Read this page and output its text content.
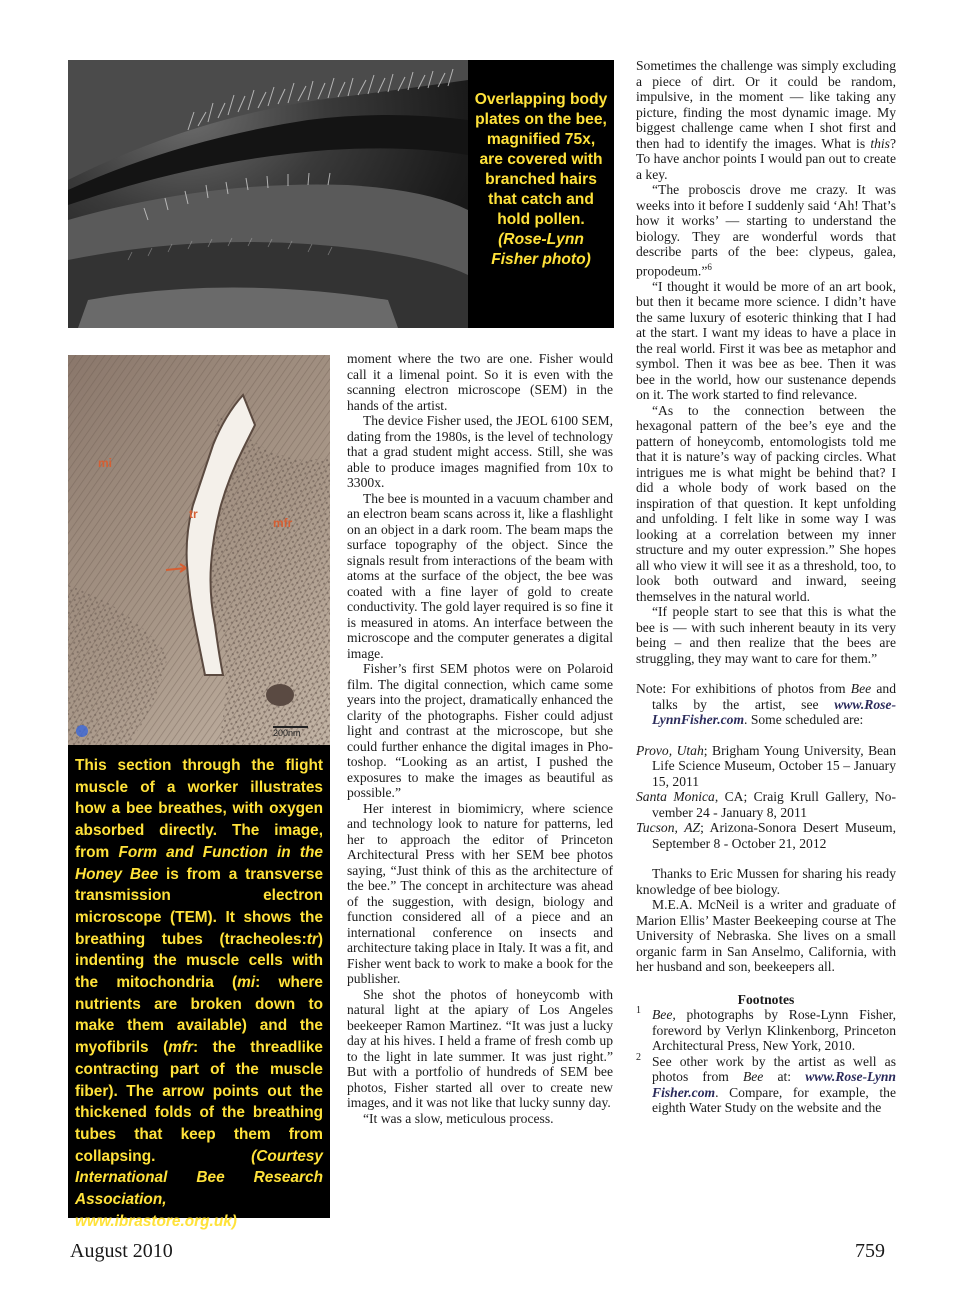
Overlapping body plates on the bee, magnified 75x, are covered with branched hairs that catch and hold pollen. (Rose-Lynn Fisher photo)

mi
tr
mfr
200nm

This section through the flight muscle of a worker illustrates how a bee breathes, with oxygen absorbed directly. The image, from Form and Function in the Honey Bee is from a transverse transmission electron microscope (TEM). It shows the breathing tubes (tracheoles:tr) indenting the muscle cells with the mitochondria (mi: where nutrients are broken down to make them available) and the myofibrils (mfr: the threadlike contracting part of the muscle fiber). The arrow points out the thickened folds of the breathing tubes that keep them from collapsing. (Courtesy International Bee Research Association, www.ibrastore.org.uk)

moment where the two are one. Fisher would call it a limenal point. So it is even with the scanning electron microscope (SEM) in the hands of the artist.

The device Fisher used, the JEOL 6100 SEM, dating from the 1980s, is the level of technology that a grad student might access. Still, she was able to produce images magnified from 10x to 3300x.

The bee is mounted in a vacuum chamber and an electron beam scans across it, like a flashlight on an object in a dark room. The beam maps the surface topography of the object. Since the signals result from interactions of the beam with atoms at the surface of the object, the bee was coated with a fine layer of gold to create conductivity. The gold layer required is so fine it is measured in atoms. An interface between the microscope and the computer generates a digital image.

Fisher’s first SEM photos were on Polaroid film. The digital connection, which came some years into the project, dramatically enhanced the clarity of the photographs. Fisher could adjust light and contrast at the microscope, but she could further enhance the digital images in Photoshop. “Looking as an artist, I pushed the exposures to make the images as beautiful as possible.”

Her interest in biomimicry, where science and technology look to nature for patterns, led her to approach the editor of Princeton Architectural Press with her SEM bee photos saying, “Just think of this as the architecture of the bee.” The concept in architecture was ahead of the suggestion, with design, biology and function considered all of a piece and an international conference on insects and architecture taking place in Italy. It was a fit, and Fisher went back to work to make a book for the publisher.

She shot the photos of honeycomb with natural light at the apiary of Los Angeles beekeeper Ramon Martinez. “It was just a lucky day at his hives. I held a frame of fresh comb up to the light in late summer. It was just right.” But with a portfolio of hundreds of SEM bee photos, Fisher started all over to create new images, and it was not like that lucky sunny day.

“It was a slow, meticulous process.

Sometimes the challenge was simply excluding a piece of dirt. Or it could be random, impulsive, in the moment — like taking any picture, finding the most dynamic image. My biggest challenge came when I shot first and then had to identify the images. What is this? To have anchor points I would pan out to create a key.

“The proboscis drove me crazy. It was weeks into it before I suddenly said ‘Ah! That’s how it works’ — starting to understand the biology. They are wonderful words that describe parts of the bee: clypeus, galea, propodeum.”$^6$

“I thought it would be more of an art book, but then it became more science. I didn’t have the same luxury of esoteric thinking that I had at the start. I want my ideas to have a place in the real world. First it was bee as metaphor and symbol. Then it was bee as bee. Then it was bee in the world, how our sustenance depends on it. The work started to find relevance.

“As to the connection between the hexagonal pattern of the bee’s eye and the pattern of honeycomb, entomologists told me that it is nature’s way of packing circles. What intrigues me is what might be behind that? I did a whole body of work based on the inspiration of that question. It kept unfolding and unfolding. I felt like in some way I was looking at a correlation between my inner structure and my outer expression.” She hopes all who view it will see it as a threshold, too, to look both outward and inward, seeing themselves in the natural world.

“If people start to see that this is what the bee is — with such inherent beauty in its very being – and then realize that the bees are struggling, they may want to care for them.”

Note: For exhibitions of photos from Bee and talks by the artist, see www.Rose-LynnFisher.com. Some scheduled are:

Provo, Utah; Brigham Young University, Bean Life Science Museum, October 15 – January 15, 2011

Santa Monica, CA; Craig Krull Gallery, November 24 - January 8, 2011

Tucson, AZ; Arizona-Sonora Desert Museum, September 8 - October 21, 2012

Thanks to Eric Mussen for sharing his ready knowledge of bee biology.

M.E.A. McNeil is a writer and graduate of Marion Ellis’ Master Beekeeping course at The University of Nebraska. She lives on a small organic farm in San Anselmo, California, with her husband and son, beekeepers all.

Footnotes

1 Bee, photographs by Rose-Lynn Fisher, foreword by Verlyn Klinkenborg, Princeton Architectural Press, New York, 2010.

2 See other work by the artist as well as photos from Bee at: www.Rose-Lynn Fisher.com. Compare, for example, the eighth Water Study on the website and the

August 2010	759
